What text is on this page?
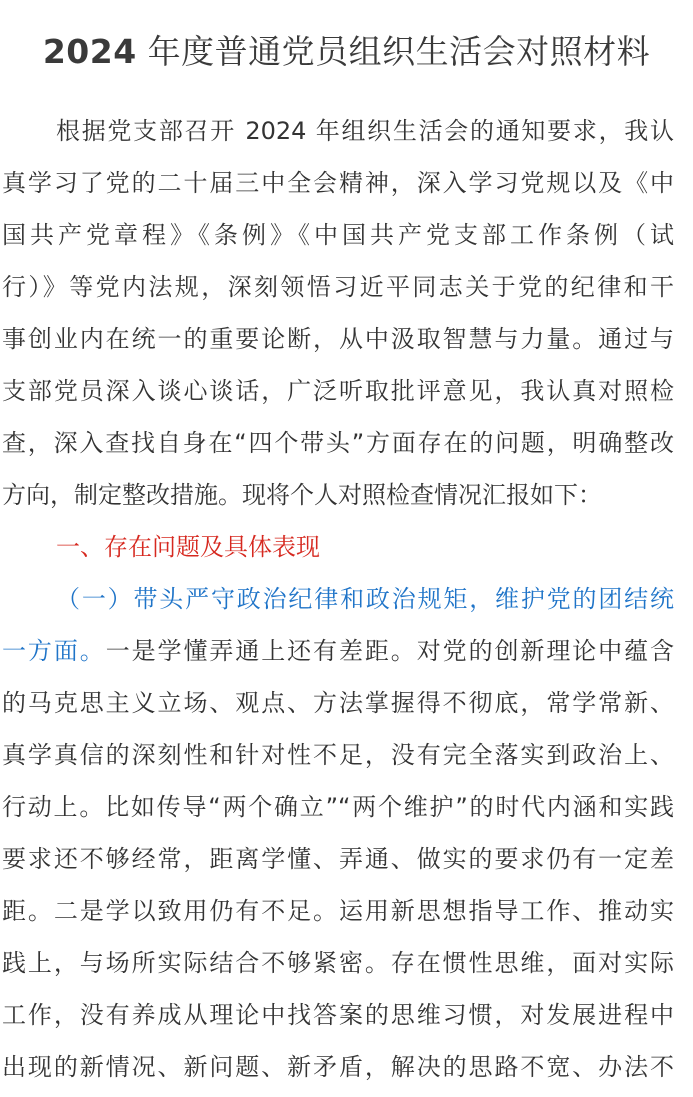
2024 年度普通党员组织生活会对照材料
根据党支部召开 2024 年组织生活会的通知要求，我认
真学习了党的二十届三中全会精神，深入学习党规以及《中
国共产党章程》《条例》《中国共产党支部工作条例（试
行）》等党内法规，深刻领悟习近平同志关于党的纪律和干
事创业内在统一的重要论断，从中汲取智慧与力量。通过与
支部党员深入谈心谈话，广泛听取批评意见，我认真对照检
查，深入查找自身在“四个带头”方面存在的问题，明确整改
方向，制定整改措施。现将个人对照检查情况汇报如下：
一、存在问题及具体表现
（一）带头严守政治纪律和政治规矩，维护党的团结统
一方面。一是学懂弄通上还有差距。对党的创新理论中蕴含
的马克思主义立场、观点、方法掌握得不彻底，常学常新、
真学真信的深刻性和针对性不足，没有完全落实到政治上、
行动上。比如传导“两个确立”“两个维护”的时代内涵和实践
要求还不够经常，距离学懂、弄通、做实的要求仍有一定差
距。二是学以致用仍有不足。运用新思想指导工作、推动实
践上，与场所实际结合不够紧密。存在惯性思维，面对实际
工作，没有养成从理论中找答案的思维习惯，对发展进程中
出现的新情况、新问题、新矛盾，解决的思路不宽、办法不
